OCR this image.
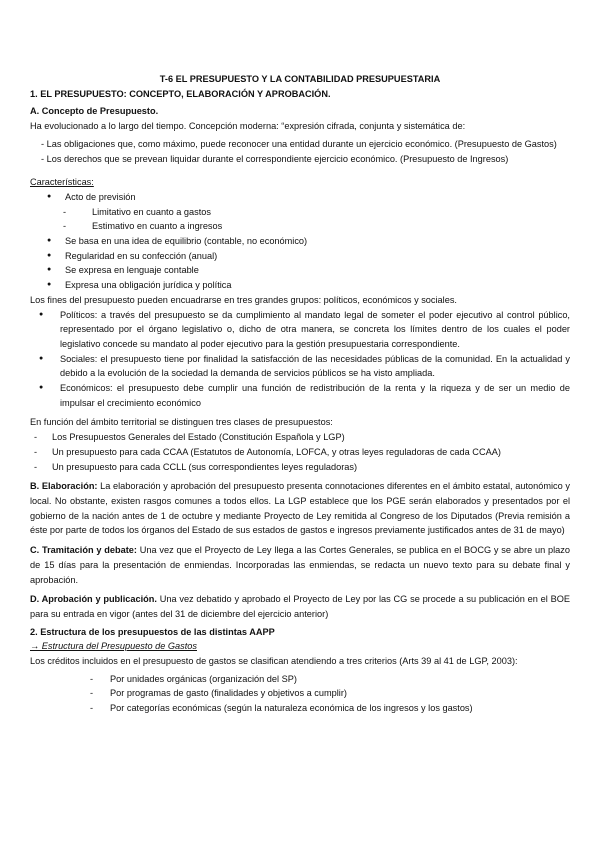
T-6 EL PRESUPUESTO Y LA CONTABILIDAD PRESUPUESTARIA

1. EL PRESUPUESTO: CONCEPTO, ELABORACIÓN Y APROBACIÓN.

A. Concepto de Presupuesto.

Ha evolucionado a lo largo del tiempo. Concepción moderna: “expresión cifrada, conjunta y sistemática de:

- Las obligaciones que, como máximo, puede reconocer una entidad durante un ejercicio económico. (Presupuesto de Gastos)

- Los derechos que se prevean liquidar durante el correspondiente ejercicio económico. (Presupuesto de Ingresos)

Características:

● Acto de previsión

- Limitativo en cuanto a gastos

- Estimativo en cuanto a ingresos

● Se basa en una idea de equilibrio (contable, no económico)

● Regularidad en su confección (anual)

● Se expresa en lenguaje contable

● Expresa una obligación jurídica y política

Los fines del presupuesto pueden encuadrarse en tres grandes grupos: políticos, económicos y sociales.

● Políticos: a través del presupuesto se da cumplimiento al mandato legal de someter el poder ejecutivo al control público, representado por el órgano legislativo o, dicho de otra manera, se concreta los límites dentro de los cuales el poder legislativo concede su mandato al poder ejecutivo para la gestión presupuestaria correspondiente.

● Sociales: el presupuesto tiene por finalidad la satisfacción de las necesidades públicas de la comunidad. En la actualidad y debido a la evolución de la sociedad la demanda de servicios públicos se ha visto ampliada.

● Económicos: el presupuesto debe cumplir una función de redistribución de la renta y la riqueza y de ser un medio de impulsar el crecimiento económico

En función del ámbito territorial se distinguen tres clases de presupuestos:

- Los Presupuestos Generales del Estado (Constitución Española y LGP)

- Un presupuesto para cada CCAA (Estatutos de Autonomía, LOFCA, y otras leyes reguladoras de cada CCAA)

- Un presupuesto para cada CCLL (sus correspondientes leyes reguladoras)

B. Elaboración: La elaboración y aprobación del presupuesto presenta connotaciones diferentes en el ámbito estatal, autonómico y local. No obstante, existen rasgos comunes a todos ellos. La LGP establece que los PGE serán elaborados y presentados por el gobierno de la nación antes de 1 de octubre y mediante Proyecto de Ley remitida al Congreso de los Diputados (Previa remisión a éste por parte de todos los órganos del Estado de sus estados de gastos e ingresos previamente justificados antes de 31 de mayo)

C. Tramitación y debate: Una vez que el Proyecto de Ley llega a las Cortes Generales, se publica en el BOCG y se abre un plazo de 15 días para la presentación de enmiendas. Incorporadas las enmiendas, se redacta un nuevo texto para su debate final y aprobación.

D. Aprobación y publicación. Una vez debatido y aprobado el Proyecto de Ley por las CG se procede a su publicación en el BOE para su entrada en vigor (antes del 31 de diciembre del ejercicio anterior)

2. Estructura de los presupuestos de las distintas AAPP

→ Estructura del Presupuesto de Gastos

Los créditos incluidos en el presupuesto de gastos se clasifican atendiendo a tres criterios (Arts 39 al 41 de LGP, 2003):

- Por unidades orgánicas (organización del SP)

- Por programas de gasto (finalidades y objetivos a cumplir)

- Por categorías económicas (según la naturaleza económica de los ingresos y los gastos)
